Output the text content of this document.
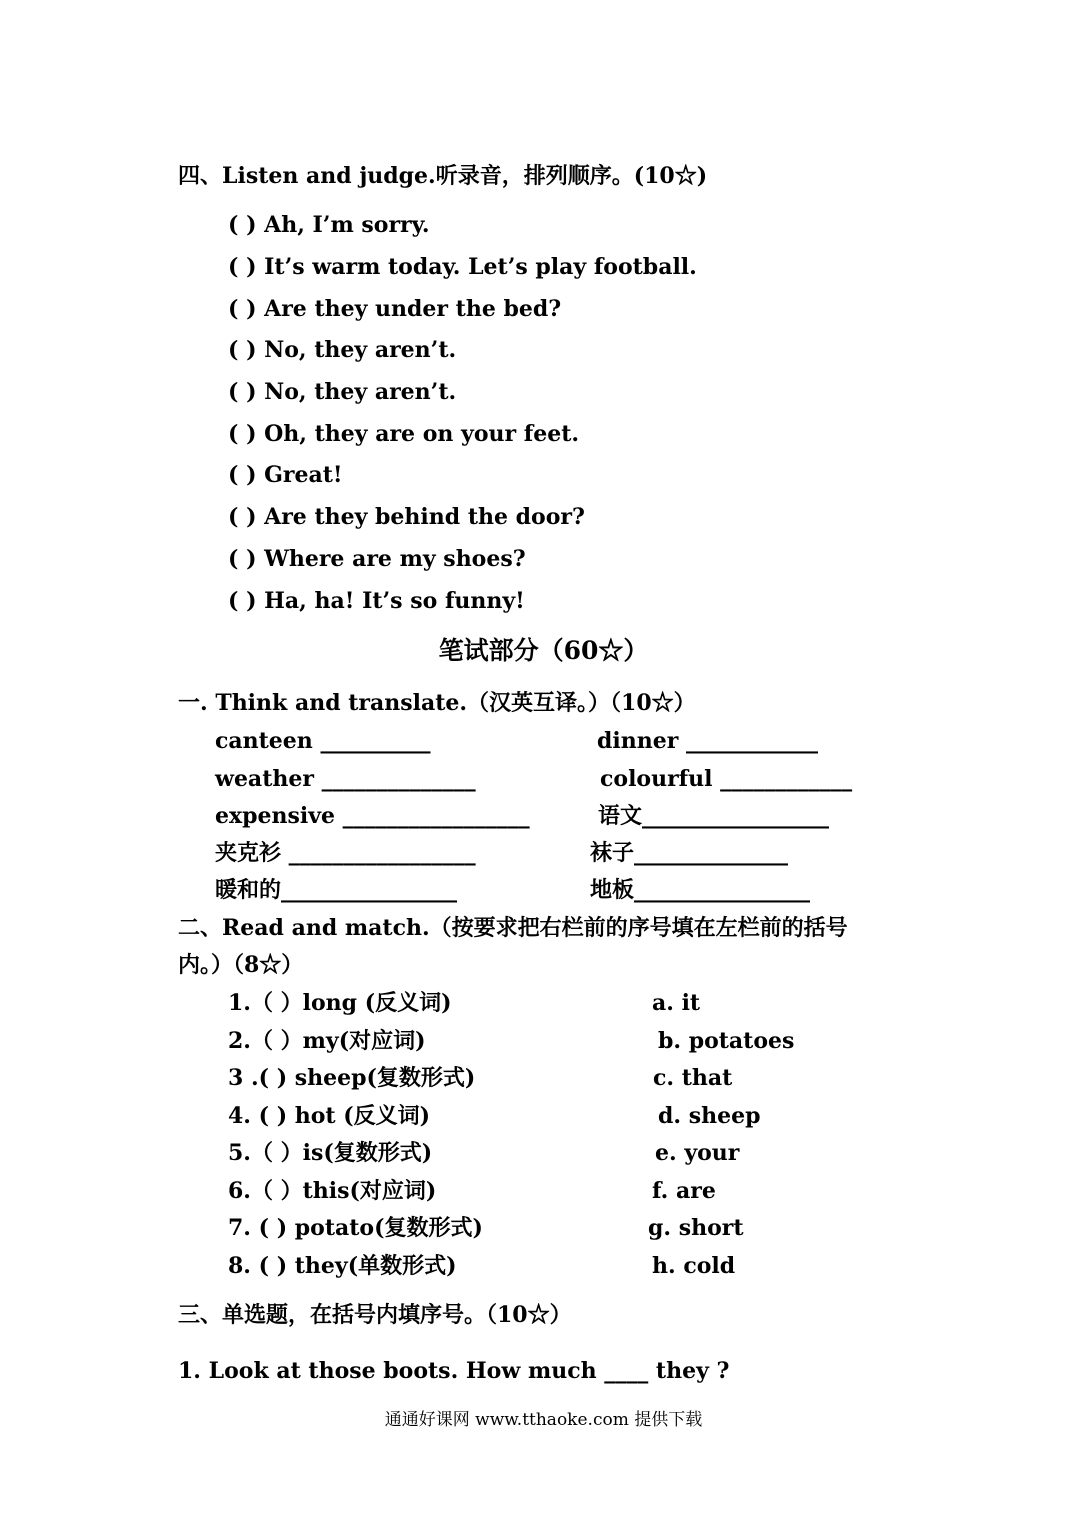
四、Listen and judge.听录音，排列顺序。(10☆)
( ) Ah, I’m sorry.
( ) It’s warm today. Let’s play football.
( ) Are they under the bed?
( ) No, they aren’t.
( ) No, they aren’t.
( ) Oh, they are on your feet.
( ) Great!
( ) Are they behind the door?
( ) Where are my shoes?
( ) Ha, ha! It’s so funny!
笔试部分（60☆）
一. Think and translate.（汉英互译。）（10☆）
canteen __________	dinner ____________
weather ______________	colourful ____________
expensive _________________	语文_________________
夹克衫 _________________	袜子______________
暖和的________________	地板________________
二、Read and match.（按要求把右栏前的序号填在左栏前的括号
内。）（8☆）
1.（ ）long (反义词)	a. it
2.（ ）my(对应词)	b. potatoes
3 .( ) sheep(复数形式)	c. that
4. ( ) hot (反义词)	d. sheep
5.（ ）is(复数形式)	e. your
6.（ ）this(对应词)	f. are
7. ( ) potato(复数形式)	g. short
8. ( ) they(单数形式)	h. cold
三、单选题，在括号内填序号。（10☆）
1. Look at those boots. How much ____ they ?
通通好课网 www.tthaoke.com 提供下载
